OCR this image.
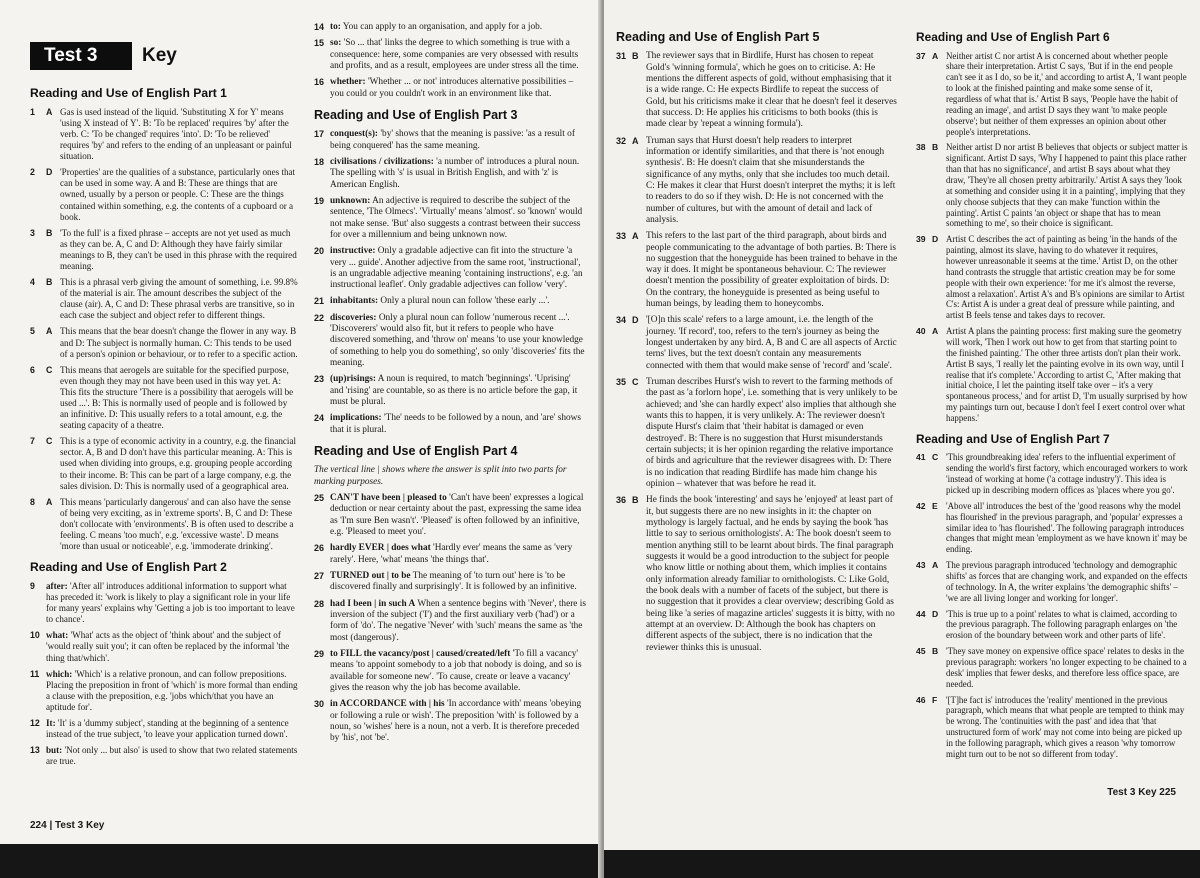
Test 3	Key
Reading and Use of English Part 1
1	A Gas is used instead of the liquid. 'Substituting X for Y' means 'using X instead of Y'. B: 'To be replaced' requires 'by' after the verb. C: 'To be changed' requires 'into'. D: 'To be relieved' requires 'by' and refers to the ending of an unpleasant or painful situation.
2	D 'Properties' are the qualities of a substance, particularly ones that can be used in some way. A and B: These are things that are owned, usually by a person or people. C: These are the things contained within something, e.g. the contents of a cupboard or a book.
3	B 'To the full' is a fixed phrase – accepts are not yet used as much as they can be. A, C and D: Although they have fairly similar meanings to B, they can't be used in this phrase with the required meaning.
4	B This is a phrasal verb giving the amount of something, i.e. 99.8% of the material is air. The amount describes the subject of the clause (air). A, C and D: These phrasal verbs are transitive, so in each case the subject and object refer to different things.
5	A This means that the bear doesn't change the flower in any way. B and D: The subject is normally human. C: This tends to be used of a person's opinion or behaviour, or to refer to a specific action.
6	C This means that aerogels are suitable for the specified purpose, even though they may not have been used in this way yet. A: This fits the structure 'There is a possibility that aerogels will be used ...'. B: This is normally used of people and is followed by an infinitive. D: This usually refers to a total amount, e.g. the seating capacity of a theatre.
7	C This is a type of economic activity in a country, e.g. the financial sector. A, B and D don't have this particular meaning. A: This is used when dividing into groups, e.g. grouping people according to their income. B: This can be part of a large company, e.g. the sales division. D: This is normally used of a geographical area.
8	A This means 'particularly dangerous' and can also have the sense of being very exciting, as in 'extreme sports'. B, C and D: These don't collocate with 'environments'. B is often used to describe a feeling. C means 'too much', e.g. 'excessive waste'. D means 'more than usual or noticeable', e.g. 'immoderate drinking'.
Reading and Use of English Part 2
9	after: 'After all' introduces additional information to support what has preceded it: 'work is likely to play a significant role in your life for many years' explains why 'Getting a job is too important to leave to chance'.
10 what: 'What' acts as the object of 'think about' and the subject of 'would really suit you'; it can often be replaced by the informal 'the thing that/which'.
11 which: 'Which' is a relative pronoun, and can follow prepositions. Placing the preposition in front of 'which' is more formal than ending a clause with the preposition, e.g. 'jobs which/that you have an aptitude for'.
12 It: 'It' is a 'dummy subject', standing at the beginning of a sentence instead of the true subject, 'to leave your application turned down'.
13 but: 'Not only ... but also' is used to show that two related statements are true.
14 to: You can apply to an organisation, and apply for a job.
15 so: 'So ... that' links the degree to which something is true with a consequence: here, some companies are very obsessed with results and profits, and as a result, employees are under stress all the time.
16 whether: 'Whether ... or not' introduces alternative possibilities – you could or you couldn't work in an environment like that.
Reading and Use of English Part 3
17 conquest(s): 'by' shows that the meaning is passive: 'as a result of being conquered' has the same meaning.
18 civilisations / civilizations: 'a number of' introduces a plural noun. The spelling with 's' is usual in British English, and with 'z' is American English.
19 unknown: An adjective is required to describe the subject of the sentence, 'The Olmecs'. 'Virtually' means 'almost'. so 'known' would not make sense. 'But' also suggests a contrast between their success for over a millennium and being unknown now.
20 instructive: Only a gradable adjective can fit into the structure 'a very ... guide'. Another adjective from the same root, 'instructional', is an ungradable adjective meaning 'containing instructions', e.g. 'an instructional leaflet'. Only gradable adjectives can follow 'very'.
21 inhabitants: Only a plural noun can follow 'these early ...'.
22 discoveries: Only a plural noun can follow 'numerous recent ...'. 'Discoverers' would also fit, but it refers to people who have discovered something, and 'throw on' means 'to use your knowledge of something to help you do something', so only 'discoveries' fits the meaning.
23 (up)risings: A noun is required, to match 'beginnings'. 'Uprising' and 'rising' are countable, so as there is no article before the gap, it must be plural.
24 implications: 'The' needs to be followed by a noun, and 'are' shows that it is plural.
Reading and Use of English Part 4

The vertical line | shows where the answer is split into two parts for marking purposes.

25 CAN'T have been | pleased to 'Can't have been' expresses a logical deduction or near certainty about the past, expressing the same idea as 'I'm sure Ben wasn't'. 'Pleased' is often followed by an infinitive, e.g. 'Pleased to meet you'.
26 hardly EVER | does what 'Hardly ever' means the same as 'very rarely'. Here, 'what' means 'the things that'.
27 TURNED out | to be The meaning of 'to turn out' here is 'to be discovered finally and surprisingly'. It is followed by an infinitive.
28 had I been | in such A When a sentence begins with 'Never', there is inversion of the subject ('I') and the first auxiliary verb ('had') or a form of 'do'. The negative 'Never' with 'such' means the same as 'the most (dangerous)'.
29 to FILL the vacancy/post | caused/created/left 'To fill a vacancy' means 'to appoint somebody to a job that nobody is doing, and so is available for someone new'. 'To cause, create or leave a vacancy' gives the reason why the job has become available.
30 in ACCORDANCE with | his 'In accordance with' means 'obeying or following a rule or wish'. The preposition 'with' is followed by a noun, so 'wishes' here is a noun, not a verb. It is therefore preceded by 'his', not 'be'.
224 | Test 3 Key
Reading and Use of English Part 5
31 B The reviewer says that in Birdlife, Hurst has chosen to repeat Gold's 'winning formula', which he goes on to criticise. A: He mentions the different aspects of gold, without emphasising that it is a wide range. C: He expects Birdlife to repeat the success of Gold, but his criticisms make it clear that he doesn't feel it deserves that success. D: He applies his criticisms to both books (this is made clear by 'repeat a winning formula').
32 A Truman says that Hurst doesn't help readers to interpret information or identify similarities, and that there is 'not enough synthesis'. B: He doesn't claim that she misunderstands the significance of any myths, only that she includes too much detail. C: He makes it clear that Hurst doesn't interpret the myths; it is left to readers to do so if they wish. D: He is not concerned with the number of cultures, but with the amount of detail and lack of analysis.
33 A This refers to the last part of the third paragraph, about birds and people communicating to the advantage of both parties. B: There is no suggestion that the honeyguide has been trained to behave in the way it does. It might be spontaneous behaviour. C: The reviewer doesn't mention the possibility of greater exploitation of birds. D: On the contrary, the honeyguide is presented as being useful to human beings, by leading them to honeycombs.
34 D '[O]n this scale' refers to a large amount, i.e. the length of the journey. 'If record', too, refers to the tern's journey as being the longest undertaken by any bird. A, B and C are all aspects of Arctic terns' lives, but the text doesn't contain any measurements connected with them that would make sense of 'record' and 'scale'.
35 C Truman describes Hurst's wish to revert to the farming methods of the past as 'a forlorn hope', i.e. something that is very unlikely to be achieved; and 'she can hardly expect' also implies that although she wants this to happen, it is very unlikely. A: The reviewer doesn't dispute Hurst's claim that 'their habitat is damaged or even destroyed'. B: There is no suggestion that Hurst misunderstands certain subjects; it is her opinion regarding the relative importance of birds and agriculture that the reviewer disagrees with. D: There is no indication that reading Birdlife has made him change his opinion – whatever that was before he read it.
36 B He finds the book 'interesting' and says he 'enjoyed' at least part of it, but suggests there are no new insights in it: the chapter on mythology is largely factual, and he ends by saying the book 'has little to say to serious ornithologists'. A: The book doesn't seem to mention anything still to be learnt about birds. The final paragraph suggests it would be a good introduction to the subject for people who know little or nothing about them, which implies it contains only information already familiar to ornithologists. C: Like Gold, the book deals with a number of facets of the subject, but there is no suggestion that it provides a clear overview; describing Gold as being like 'a series of magazine articles' suggests it is bitty, with no attempt at an overview. D: Although the book has chapters on different aspects of the subject, there is no indication that the reviewer thinks this is unusual.
Reading and Use of English Part 6
37 A Neither artist C nor artist A is concerned about whether people share their interpretation. Artist C says, 'But if in the end people can't see it as I do, so be it,' and according to artist A, 'I want people to look at the finished painting and make some sense of it, regardless of what that is.' Artist B says, 'People have the habit of reading an image', and artist D says they want 'to make people observe'; but neither of them expresses an opinion about other people's interpretations.
38 B Neither artist D nor artist B believes that objects or subject matter is significant. Artist D says, 'Why I happened to paint this place rather than that has no significance', and artist B says about what they draw, 'They're all chosen pretty arbitrarily.' Artist A says they 'look at something and consider using it in a painting', implying that they only choose subjects that they can make 'function within the painting'. Artist C paints 'an object or shape that has to mean something to me', so their choice is significant.
39 D Artist C describes the act of painting as being 'in the hands of the painting, almost its slave, having to do whatever it requires, however unreasonable it seems at the time.' Artist D, on the other hand contrasts the struggle that artistic creation may be for some people with their own experience: 'for me it's almost the reverse, almost a relaxation'. Artist A's and B's opinions are similar to Artist C's: Artist A is under a great deal of pressure while painting, and artist B feels tense and takes days to recover.
40 A Artist A plans the painting process: first making sure the geometry will work, 'Then I work out how to get from that starting point to the finished painting.' The other three artists don't plan their work. Artist B says, 'I really let the painting evolve in its own way, until I realise that it's complete.' According to artist C, 'After making that initial choice, I let the painting itself take over – it's a very spontaneous process,' and for artist D, 'I'm usually surprised by how my paintings turn out, because I don't feel I exert control over what happens.'
Reading and Use of English Part 7
41 C 'This groundbreaking idea' refers to the influential experiment of sending the world's first factory, which encouraged workers to work 'instead of working at home ('a cottage industry')'. This idea is picked up in describing modern offices as 'places where you go'.
42 E 'Above all' introduces the best of the 'good reasons why the model has flourished' in the previous paragraph, and 'popular' expresses a similar idea to 'has flourished'. The following paragraph introduces changes that might mean 'employment as we have known it' may be ending.
43 A The previous paragraph introduced 'technology and demographic shifts' as forces that are changing work, and expanded on the effects of technology. In A, the writer explains 'the demographic shifts' – 'we are all living longer and working for longer'.
44 D 'This is true up to a point' relates to what is claimed, according to the previous paragraph. The following paragraph enlarges on 'the erosion of the boundary between work and other parts of life'.
45 B 'They save money on expensive office space' relates to desks in the previous paragraph: workers 'no longer expecting to be chained to a desk' implies that fewer desks, and therefore less office space, are needed.
46 F '[T]he fact is' introduces the 'reality' mentioned in the previous paragraph, which means that what people are tempted to think may be wrong. The 'continuities with the past' and idea that 'that unstructured form of work' may not come into being are picked up in the following paragraph, which gives a reason 'why tomorrow might turn out to be not so different from today'.
Test 3 Key 225
